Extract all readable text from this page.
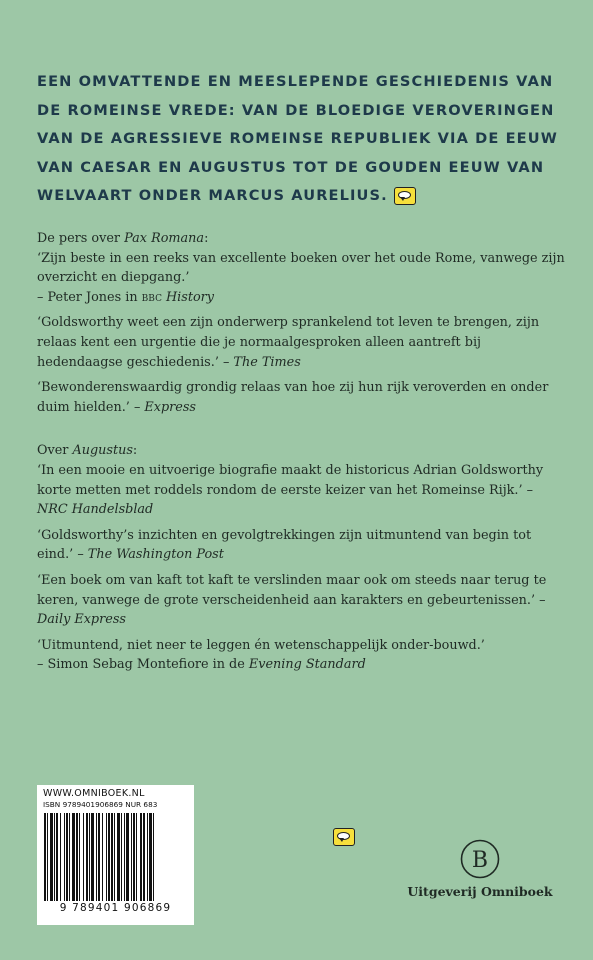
EEN OMVATTENDE EN MEESLEPENDE GESCHIEDENIS VAN
DE ROMEINSE VREDE: VAN DE BLOEDIGE VEROVERINGEN
VAN DE AGRESSIEVE ROMEINSE REPUBLIEK VIA DE EEUW
VAN CAESAR EN AUGUSTUS TOT DE GOUDEN EEUW VAN
WELVAART ONDER MARCUS AURELIUS.

De pers over Pax Romana:

‘Zijn beste in een reeks van excellente boeken over het oude Rome, vanwege zijn overzicht en diepgang.’
– Peter Jones in bbc History

‘Goldsworthy weet een zijn onderwerp sprankelend tot leven te brengen, zijn relaas kent een urgentie die je normaalgesproken alleen aantreft bij hedendaagse geschiedenis.’ – The Times

‘Bewonderenswaardig grondig relaas van hoe zij hun rijk veroverden en onder duim hielden.’ – Express

Over Augustus:

‘In een mooie en uitvoerige biografie maakt de historicus Adrian Goldsworthy korte metten met roddels rondom de eerste keizer van het Romeinse Rijk.’ – NRC Handelsblad

‘Goldsworthy’s inzichten en gevolgtrekkingen zijn uitmuntend van begin tot eind.’ – The Washington Post

‘Een boek om van kaft tot kaft te verslinden maar ook om steeds naar terug te keren, vanwege de grote verscheidenheid aan karakters en gebeurtenissen.’ – Daily Express

‘Uitmuntend, niet neer te leggen én wetenschappelijk onder-bouwd.’
– Simon Sebag Montefiore in de Evening Standard

WWW.OMNIBOEK.NL
ISBN 9789401906869 NUR 683
9 789401 906869
B
Uitgeverij Omniboek
